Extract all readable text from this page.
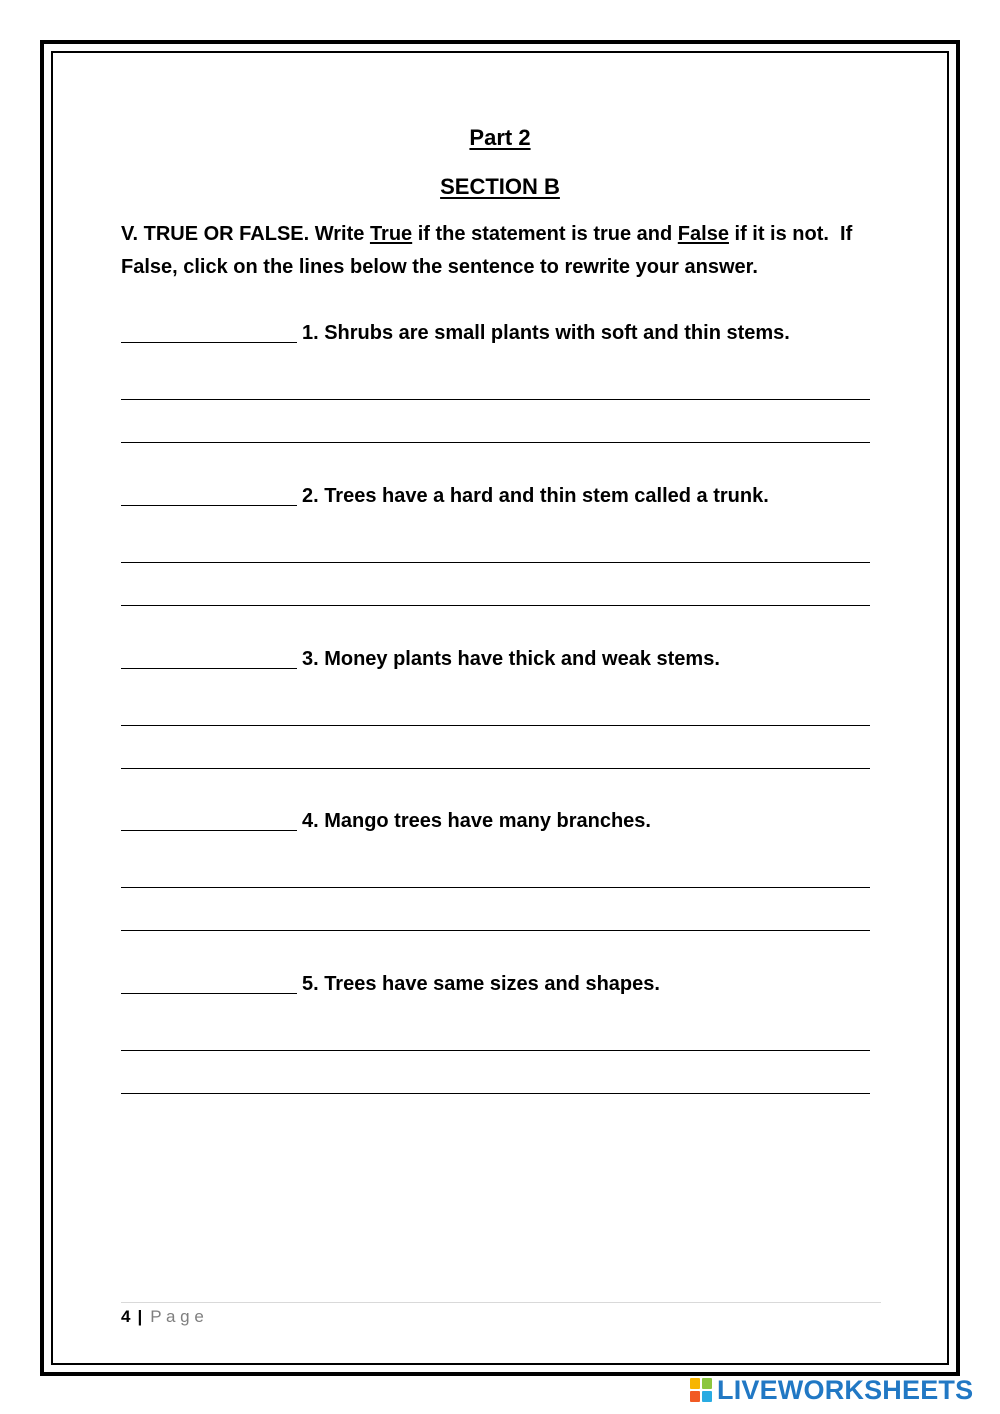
Part 2
SECTION B
V. TRUE OR FALSE. Write True if the statement is true and False if it is not.  If
False, click on the lines below the sentence to rewrite your answer.
1. Shrubs are small plants with soft and thin stems.
2. Trees have a hard and thin stem called a trunk.
3. Money plants have thick and weak stems.
4. Mango trees have many branches.
5. Trees have same sizes and shapes.
4 | P a g e
LIVEWORKSHEETS
